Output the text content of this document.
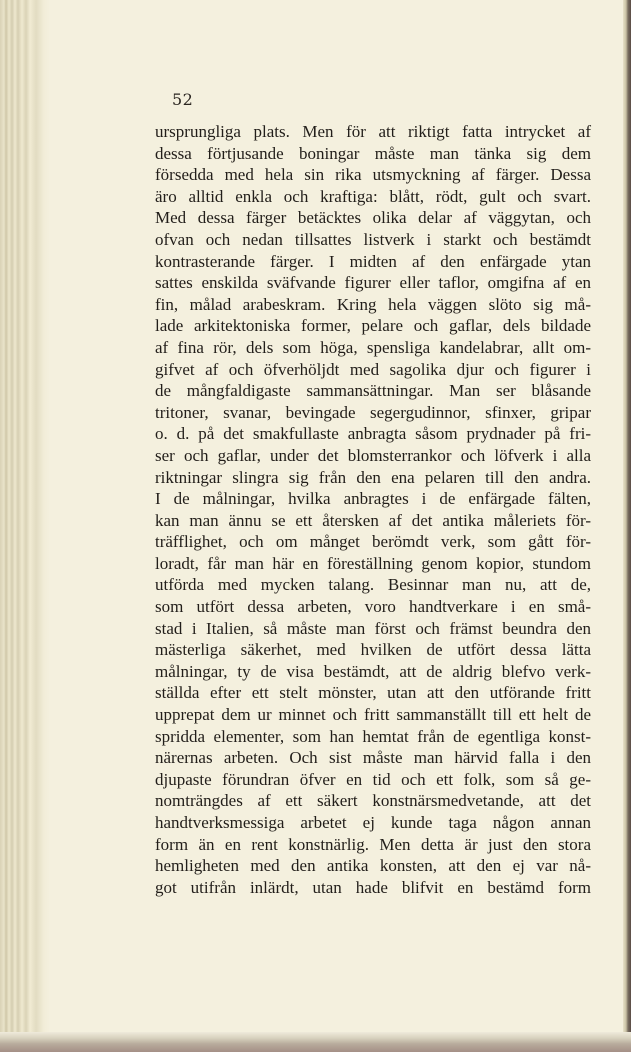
52
ursprungliga plats. Men för att riktigt fatta intrycket af
dessa förtjusande boningar måste man tänka sig dem
försedda med hela sin rika utsmyckning af färger. Dessa
äro alltid enkla och kraftiga: blått, rödt, gult och svart.
Med dessa färger betäcktes olika delar af väggytan, och
ofvan och nedan tillsattes listverk i starkt och bestämdt
kontrasterande färger. I midten af den enfärgade ytan
sattes enskilda sväfvande figurer eller taflor, omgifna af en
fin, målad arabeskram. Kring hela väggen slöto sig må-
lade arkitektoniska former, pelare och gaflar, dels bildade
af fina rör, dels som höga, spensliga kandelabrar, allt om-
gifvet af och öfverhöljdt med sagolika djur och figurer i
de mångfaldigaste sammansättningar. Man ser blåsande
tritoner, svanar, bevingade segergudinnor, sfinxer, gripar
o. d. på det smakfullaste anbragta såsom prydnader på fri-
ser och gaflar, under det blomsterrankor och löfverk i alla
riktningar slingra sig från den ena pelaren till den andra.
I de målningar, hvilka anbragtes i de enfärgade fälten,
kan man ännu se ett återsken af det antika måleriets för-
träfflighet, och om månget berömdt verk, som gått för-
loradt, får man här en föreställning genom kopior, stundom
utförda med mycken talang. Besinnar man nu, att de,
som utfört dessa arbeten, voro handtverkare i en små-
stad i Italien, så måste man först och främst beundra den
mästerliga säkerhet, med hvilken de utfört dessa lätta
målningar, ty de visa bestämdt, att de aldrig blefvo verk-
ställda efter ett stelt mönster, utan att den utförande fritt
upprepat dem ur minnet och fritt sammanställt till ett helt de
spridda elementer, som han hemtat från de egentliga konst-
närernas arbeten. Och sist måste man härvid falla i den
djupaste förundran öfver en tid och ett folk, som så ge-
nomträngdes af ett säkert konstnärsmedvetande, att det
handtverksmessiga arbetet ej kunde taga någon annan
form än en rent konstnärlig. Men detta är just den stora
hemligheten med den antika konsten, att den ej var nå-
got utifrån inlärdt, utan hade blifvit en bestämd form
